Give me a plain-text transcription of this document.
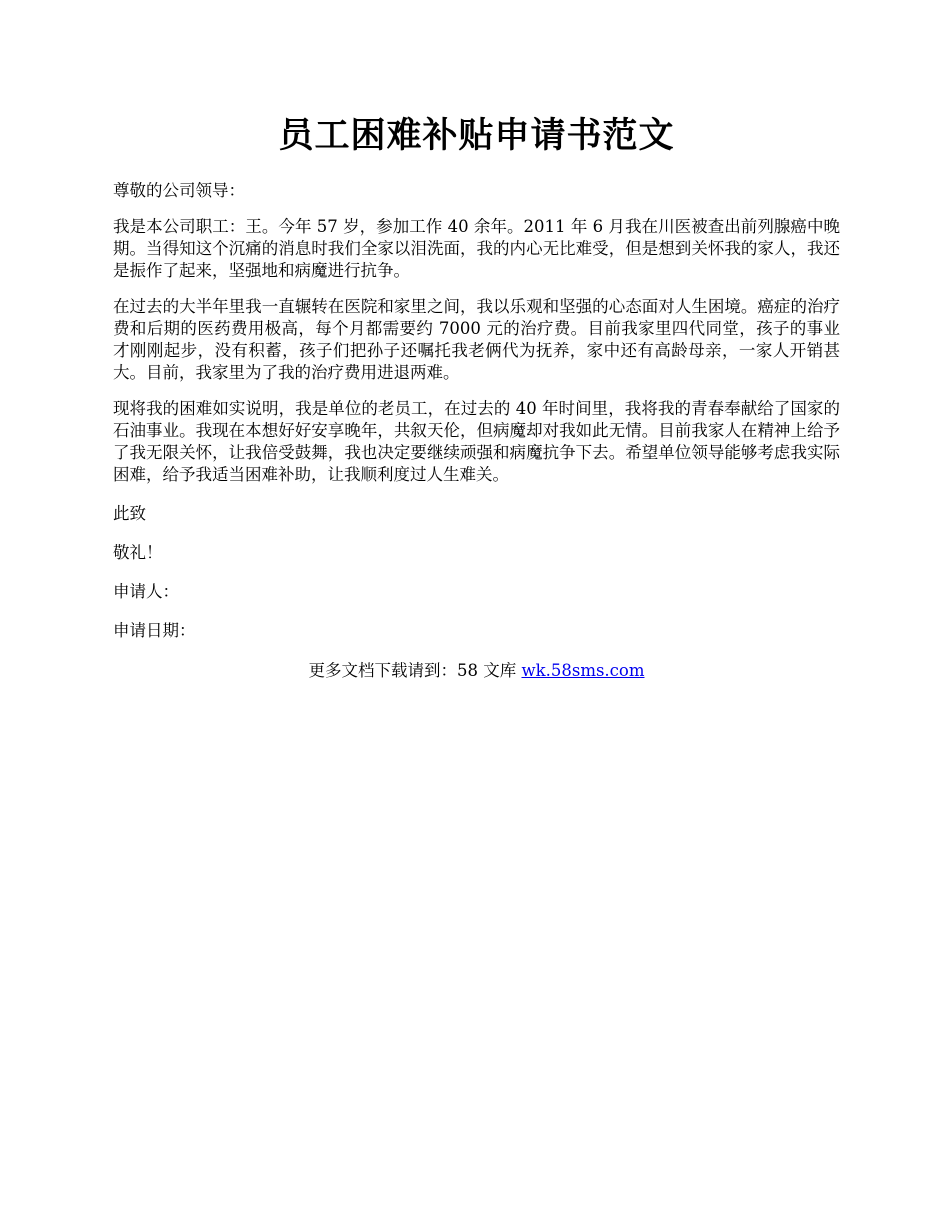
员工困难补贴申请书范文

尊敬的公司领导：

我是本公司职工：王。今年 57 岁，参加工作 40 余年。2011 年 6 月我在川医被查出前列腺癌中晚期。当得知这个沉痛的消息时我们全家以泪洗面，我的内心无比难受，但是想到关怀我的家人，我还是振作了起来，坚强地和病魔进行抗争。

在过去的大半年里我一直辗转在医院和家里之间，我以乐观和坚强的心态面对人生困境。癌症的治疗费和后期的医药费用极高，每个月都需要约 7000 元的治疗费。目前我家里四代同堂，孩子的事业才刚刚起步，没有积蓄，孩子们把孙子还嘱托我老俩代为抚养，家中还有高龄母亲，一家人开销甚大。目前，我家里为了我的治疗费用进退两难。

现将我的困难如实说明，我是单位的老员工，在过去的 40 年时间里，我将我的青春奉献给了国家的石油事业。我现在本想好好安享晚年，共叙天伦，但病魔却对我如此无情。目前我家人在精神上给予了我无限关怀，让我倍受鼓舞，我也决定要继续顽强和病魔抗争下去。希望单位领导能够考虑我实际困难，给予我适当困难补助，让我顺利度过人生难关。

此致

敬礼！

申请人：

申请日期：

更多文档下载请到：58 文库 wk.58sms.com
